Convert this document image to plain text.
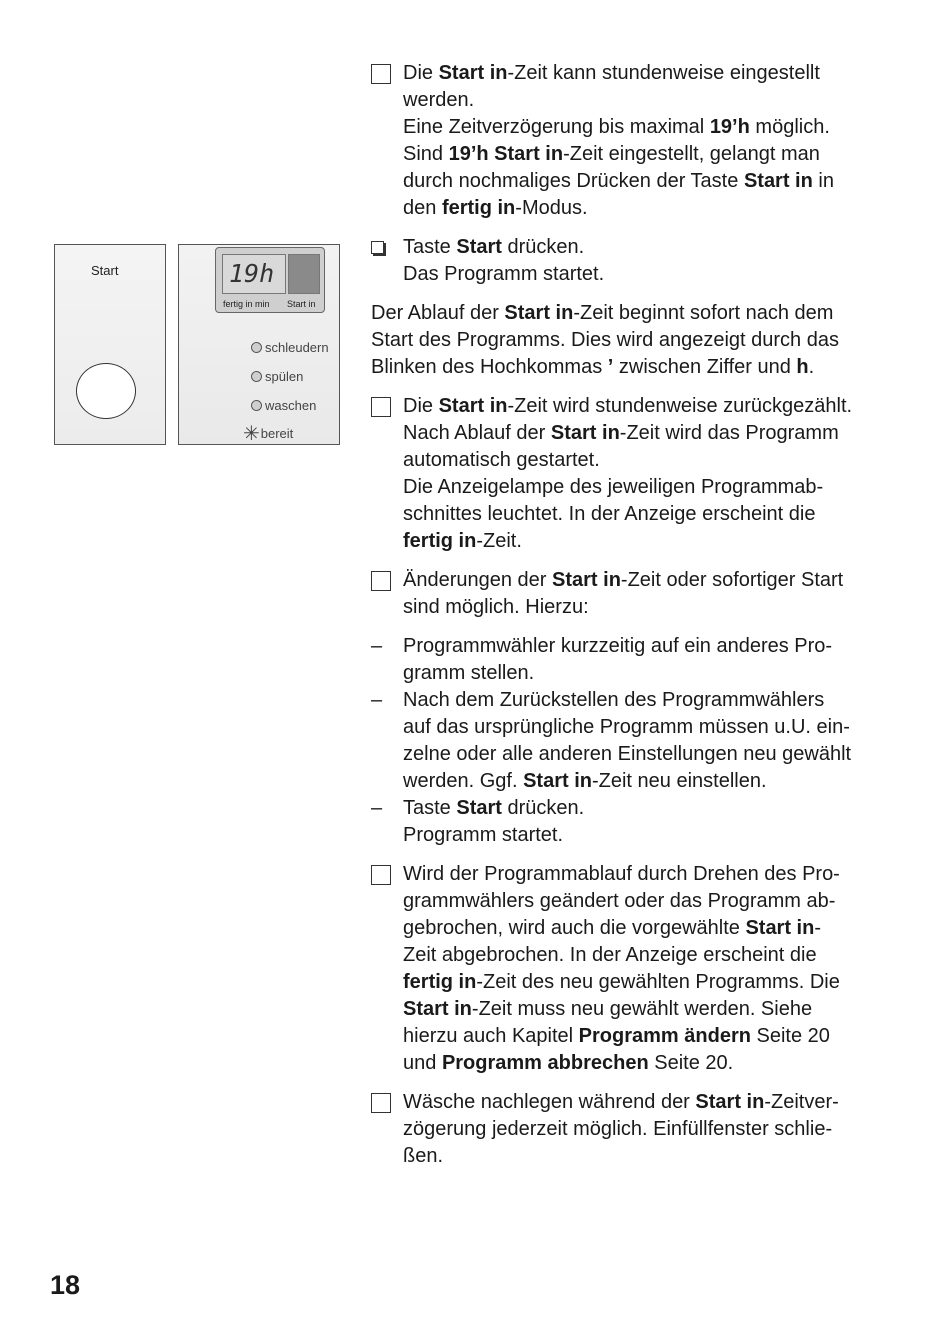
Start	19h
fertig in min Start in
schleudern
spülen
waschen
✳bereit
Die Start in-Zeit kann stundenweise eingestellt
werden.
Eine Zeitverzögerung bis maximal 19’h möglich.
Sind 19’h Start in-Zeit eingestellt, gelangt man
durch nochmaliges Drücken der Taste Start in in
den fertig in-Modus.
Taste Start drücken.
Das Programm startet.
Der Ablauf der Start in-Zeit beginnt sofort nach dem
Start des Programms. Dies wird angezeigt durch das
Blinken des Hochkommas ’ zwischen Ziffer und h.
Die Start in-Zeit wird stundenweise zurückgezählt.
Nach Ablauf der Start in-Zeit wird das Programm
automatisch gestartet.
Die Anzeigelampe des jeweiligen Programmab-
schnittes leuchtet. In der Anzeige erscheint die
fertig in-Zeit.
Änderungen der Start in-Zeit oder sofortiger Start
sind möglich. Hierzu:
–	Programmwähler kurzzeitig auf ein anderes Pro-
gramm stellen.
–	Nach dem Zurückstellen des Programmwählers
auf das ursprüngliche Programm müssen u.U. ein-
zelne oder alle anderen Einstellungen neu gewählt
werden. Ggf. Start in-Zeit neu einstellen.
–	Taste Start drücken.
Programm startet.
Wird der Programmablauf durch Drehen des Pro-
grammwählers geändert oder das Programm ab-
gebrochen, wird auch die vorgewählte Start in-
Zeit abgebrochen. In der Anzeige erscheint die
fertig in-Zeit des neu gewählten Programms. Die
Start in-Zeit muss neu gewählt werden. Siehe
hierzu auch Kapitel Programm ändern Seite 20
und Programm abbrechen Seite 20.
Wäsche nachlegen während der Start in-Zeitver-
zögerung jederzeit möglich. Einfüllfenster schlie-
ßen.
18
